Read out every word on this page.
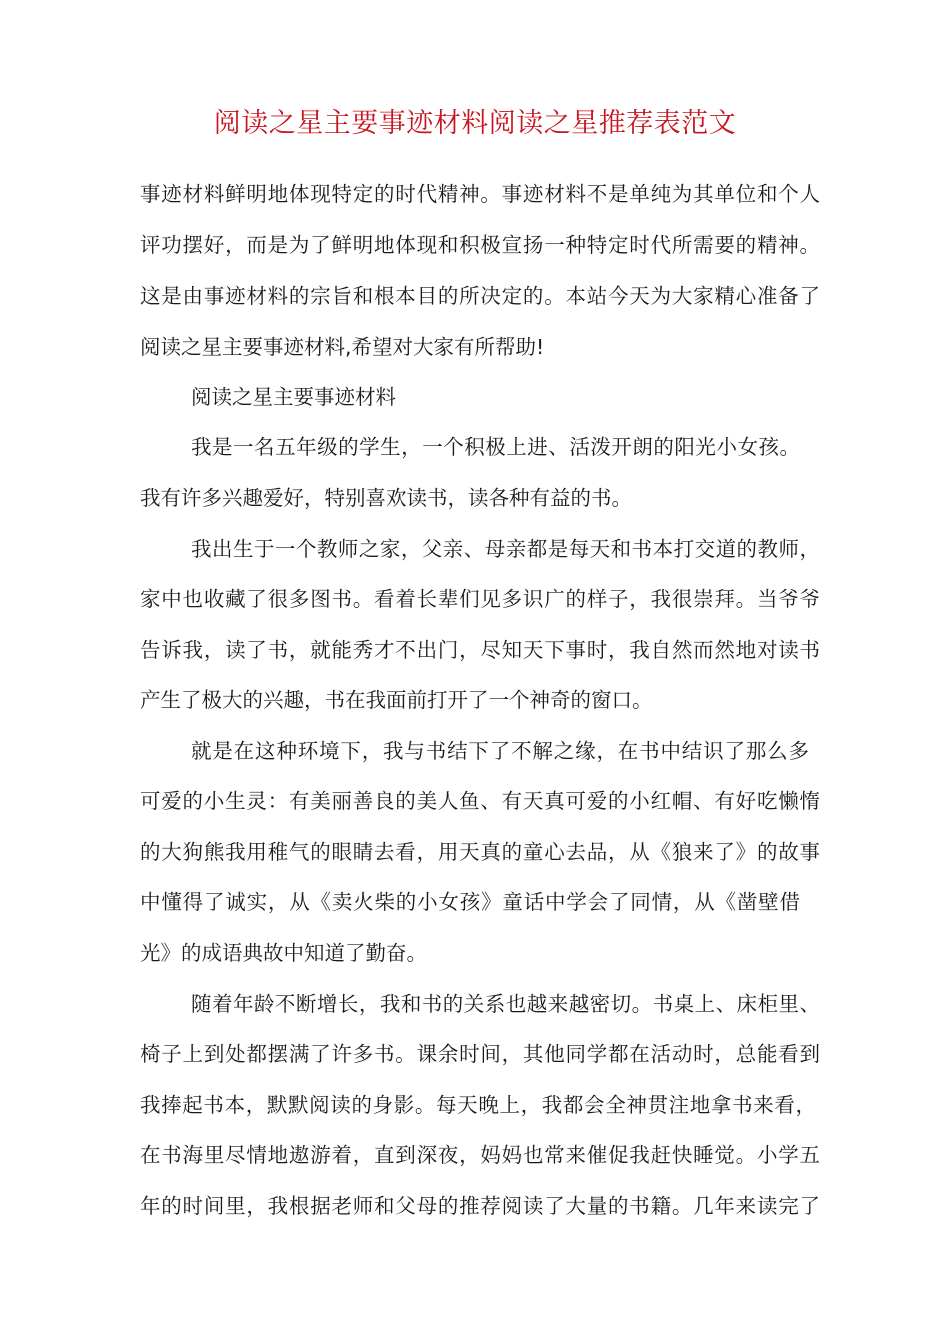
阅读之星主要事迹材料阅读之星推荐表范文
事迹材料鲜明地体现特定的时代精神。事迹材料不是单纯为其单位和个人
评功摆好，而是为了鲜明地体现和积极宣扬一种特定时代所需要的精神。
这是由事迹材料的宗旨和根本目的所决定的。本站今天为大家精心准备了
阅读之星主要事迹材料,希望对大家有所帮助!
阅读之星主要事迹材料
我是一名五年级的学生，一个积极上进、活泼开朗的阳光小女孩。
我有许多兴趣爱好，特别喜欢读书，读各种有益的书。
我出生于一个教师之家，父亲、母亲都是每天和书本打交道的教师，
家中也收藏了很多图书。看着长辈们见多识广的样子，我很崇拜。当爷爷
告诉我，读了书，就能秀才不出门，尽知天下事时，我自然而然地对读书
产生了极大的兴趣，书在我面前打开了一个神奇的窗口。
就是在这种环境下，我与书结下了不解之缘，在书中结识了那么多
可爱的小生灵：有美丽善良的美人鱼、有天真可爱的小红帽、有好吃懒惰
的大狗熊我用稚气的眼睛去看，用天真的童心去品，从《狼来了》的故事
中懂得了诚实，从《卖火柴的小女孩》童话中学会了同情，从《凿壁借
光》的成语典故中知道了勤奋。
随着年龄不断增长，我和书的关系也越来越密切。书桌上、床柜里、
椅子上到处都摆满了许多书。课余时间，其他同学都在活动时，总能看到
我捧起书本，默默阅读的身影。每天晚上，我都会全神贯注地拿书来看，
在书海里尽情地遨游着，直到深夜，妈妈也常来催促我赶快睡觉。小学五
年的时间里，我根据老师和父母的推荐阅读了大量的书籍。几年来读完了
